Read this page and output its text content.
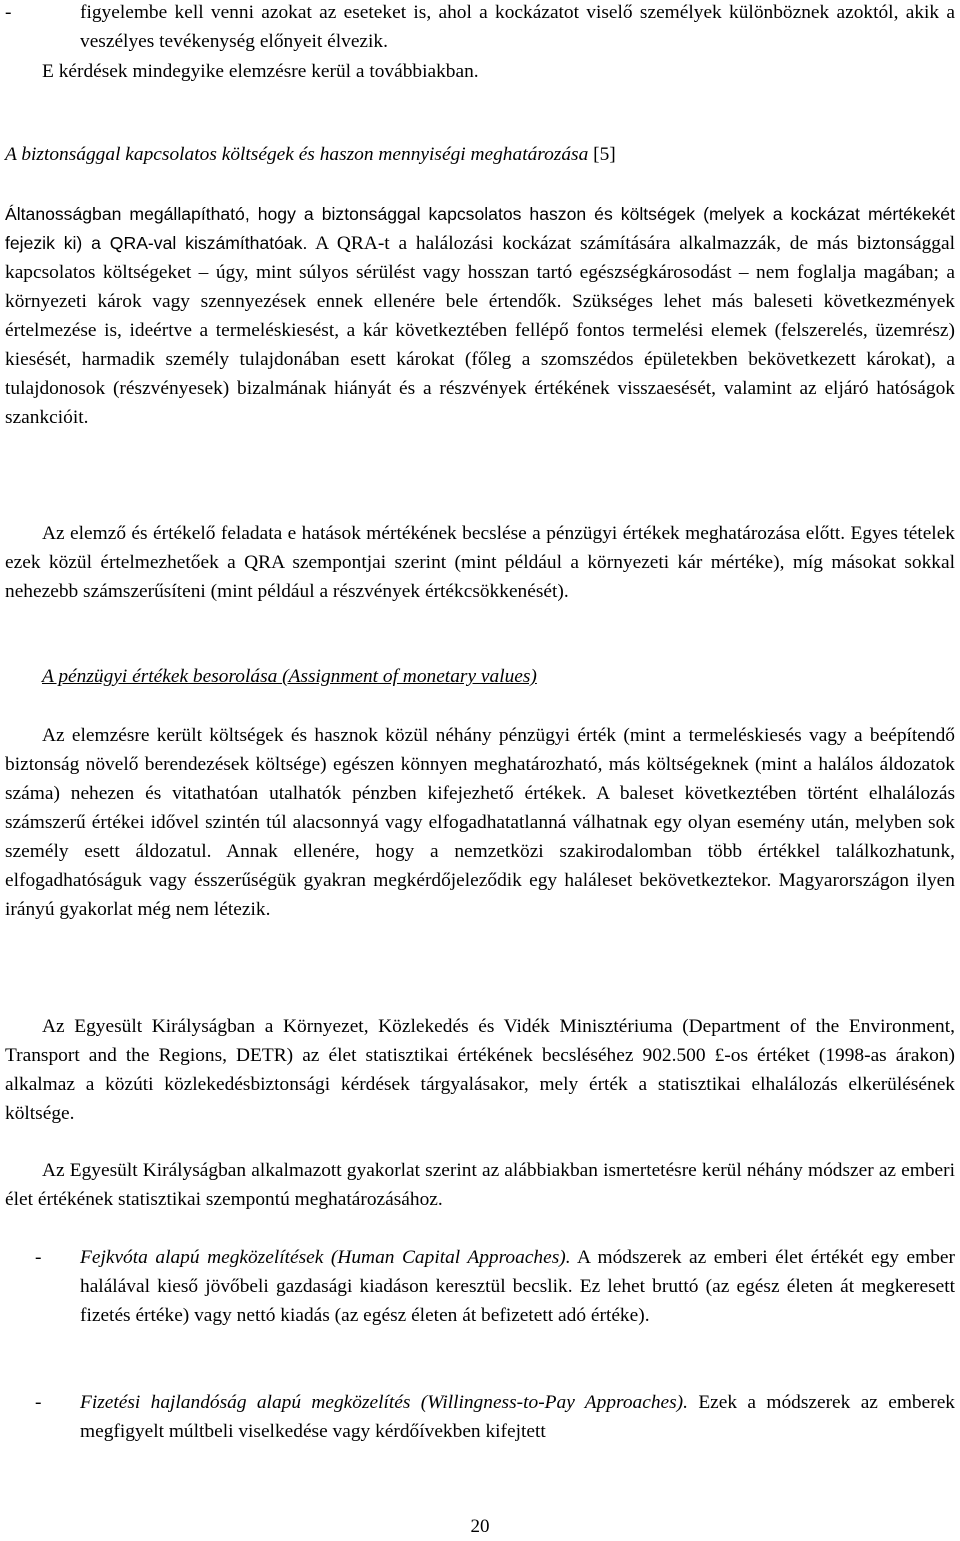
-	figyelembe kell venni azokat az eseteket is, ahol a kockázatot viselő személyek különböznek azoktól, akik a veszélyes tevékenység előnyeit élvezik.

E kérdések mindegyike elemzésre kerül a továbbiakban.

A biztonsággal kapcsolatos költségek és haszon mennyiségi meghatározása [5]

Áltanosságban megállapítható, hogy a biztonsággal kapcsolatos haszon és költségek (melyek a kockázat mértékekét fejezik ki) a QRA-val kiszámíthatóak. A QRA-t a halálozási kockázat számítására alkalmazzák, de más biztonsággal kapcsolatos költségeket – úgy, mint súlyos sérülést vagy hosszan tartó egészségkárosodást – nem foglalja magában; a környezeti károk vagy szennyezések ennek ellenére bele értendők. Szükséges lehet más baleseti következmények értelmezése is, ideértve a termeléskiesést, a kár következtében fellépő fontos termelési elemek (felszerelés, üzemrész) kiesését, harmadik személy tulajdonában esett károkat (főleg a szomszédos épületekben bekövetkezett károkat), a tulajdonosok (részvényesek) bizalmának hiányát és a részvények értékének visszaesését, valamint az eljáró hatóságok szankcióit.

Az elemző és értékelő feladata e hatások mértékének becslése a pénzügyi értékek meghatározása előtt. Egyes tételek ezek közül értelmezhetőek a QRA szempontjai szerint (mint például a környezeti kár mértéke), míg másokat sokkal nehezebb számszerűsíteni (mint például a részvények értékcsökkenését).

A pénzügyi értékek besorolása (Assignment of monetary values)

Az elemzésre került költségek és hasznok közül néhány pénzügyi érték (mint a termeléskiesés vagy a beépítendő biztonság növelő berendezések költsége) egészen könnyen meghatározható, más költségeknek (mint a halálos áldozatok száma) nehezen és vitathatóan utalhatók pénzben kifejezhető értékek. A baleset következtében történt elhalálozás számszerű értékei idővel szintén túl alacsonnyá vagy elfogadhatatlanná válhatnak egy olyan esemény után, melyben sok személy esett áldozatul. Annak ellenére, hogy a nemzetközi szakirodalomban több értékkel találkozhatunk, elfogadhatóságuk vagy ésszerűségük gyakran megkérdőjeleződik egy haláleset bekövetkeztekor. Magyarországon ilyen irányú gyakorlat még nem létezik.

Az Egyesült Királyságban a Környezet, Közlekedés és Vidék Minisztériuma (Department of the Environment, Transport and the Regions, DETR) az élet statisztikai értékének becsléséhez 902.500 £-os értéket (1998-as árakon) alkalmaz a közúti közlekedésbiztonsági kérdések tárgyalásakor, mely érték a statisztikai elhalálozás elkerülésének költsége.

Az Egyesült Királyságban alkalmazott gyakorlat szerint az alábbiakban ismertetésre kerül néhány módszer az emberi élet értékének statisztikai szempontú meghatározásához.

-	Fejkvóta alapú megközelítések (Human Capital Approaches). A módszerek az emberi élet értékét egy ember halálával kieső jövőbeli gazdasági kiadáson keresztül becslik. Ez lehet bruttó (az egész életen át megkeresett fizetés értéke) vagy nettó kiadás (az egész életen át befizetett adó értéke).
-	Fizetési hajlandóság alapú megközelítés (Willingness-to-Pay Approaches). Ezek a módszerek az emberek megfigyelt múltbeli viselkedése vagy kérdőívekben kifejtett
20
